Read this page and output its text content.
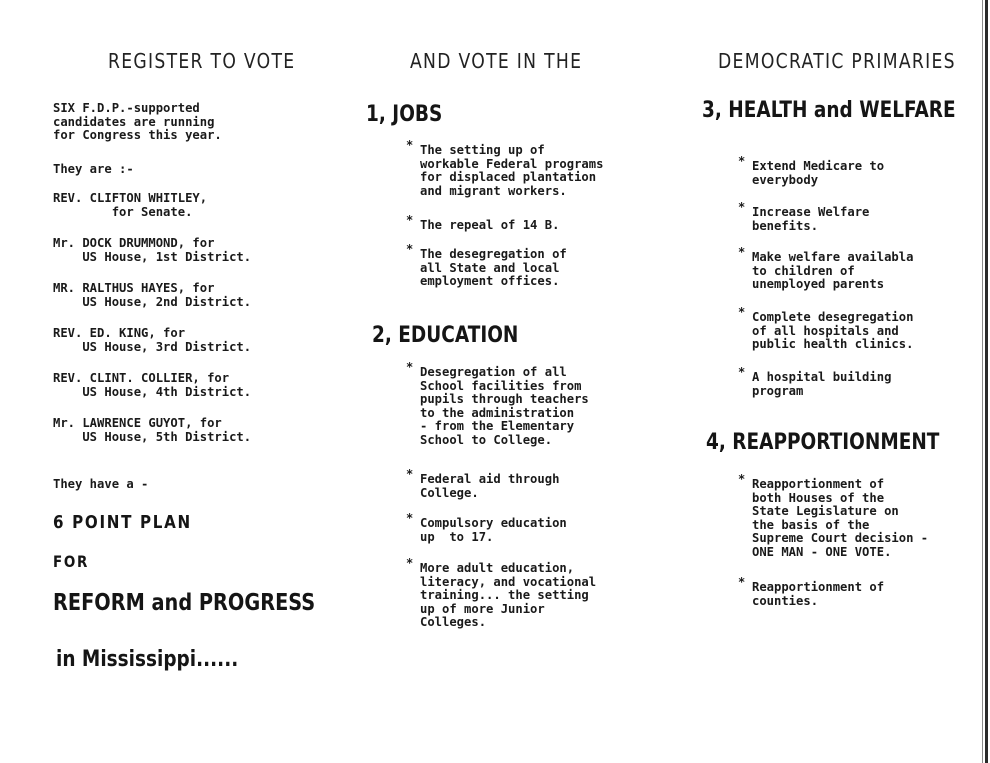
REGISTER TO VOTE	AND VOTE IN THE	DEMOCRATIC PRIMARIES
SIX F.D.P.-supported
candidates are running
for Congress this year.
They are :-
REV. CLIFTON WHITLEY,
for Senate.
Mr. DOCK DRUMMOND, for
US House, 1st District.
MR. RALTHUS HAYES, for
US House, 2nd District.
REV. ED. KING, for
US House, 3rd District.
REV. CLINT. COLLIER, for
US House, 4th District.
Mr. LAWRENCE GUYOT, for
US House, 5th District.
They have a -
6 POINT PLAN
FOR
REFORM and PROGRESS
in Mississippi......
1, JOBS
* The setting up of
workable Federal programs
for displaced plantation
and migrant workers.
* The repeal of 14 B.
* The desegregation of
all State and local
employment offices.
2, EDUCATION
* Desegregation of all
School facilities from
pupils through teachers
to the administration
- from the Elementary
School to College.
* Federal aid through
College.
* Compulsory education
up  to 17.
* More adult education,
literacy, and vocational
training... the setting
up of more Junior
Colleges.
3, HEALTH and WELFARE
* Extend Medicare to
everybody
* Increase Welfare
benefits.
* Make welfare availabla
to children of
unemployed parents
* Complete desegregation
of all hospitals and
public health clinics.
* A hospital building
program
4, REAPPORTIONMENT
* Reapportionment of
both Houses of the
State Legislature on
the basis of the
Supreme Court decision -
ONE MAN - ONE VOTE.
* Reapportionment of
counties.
